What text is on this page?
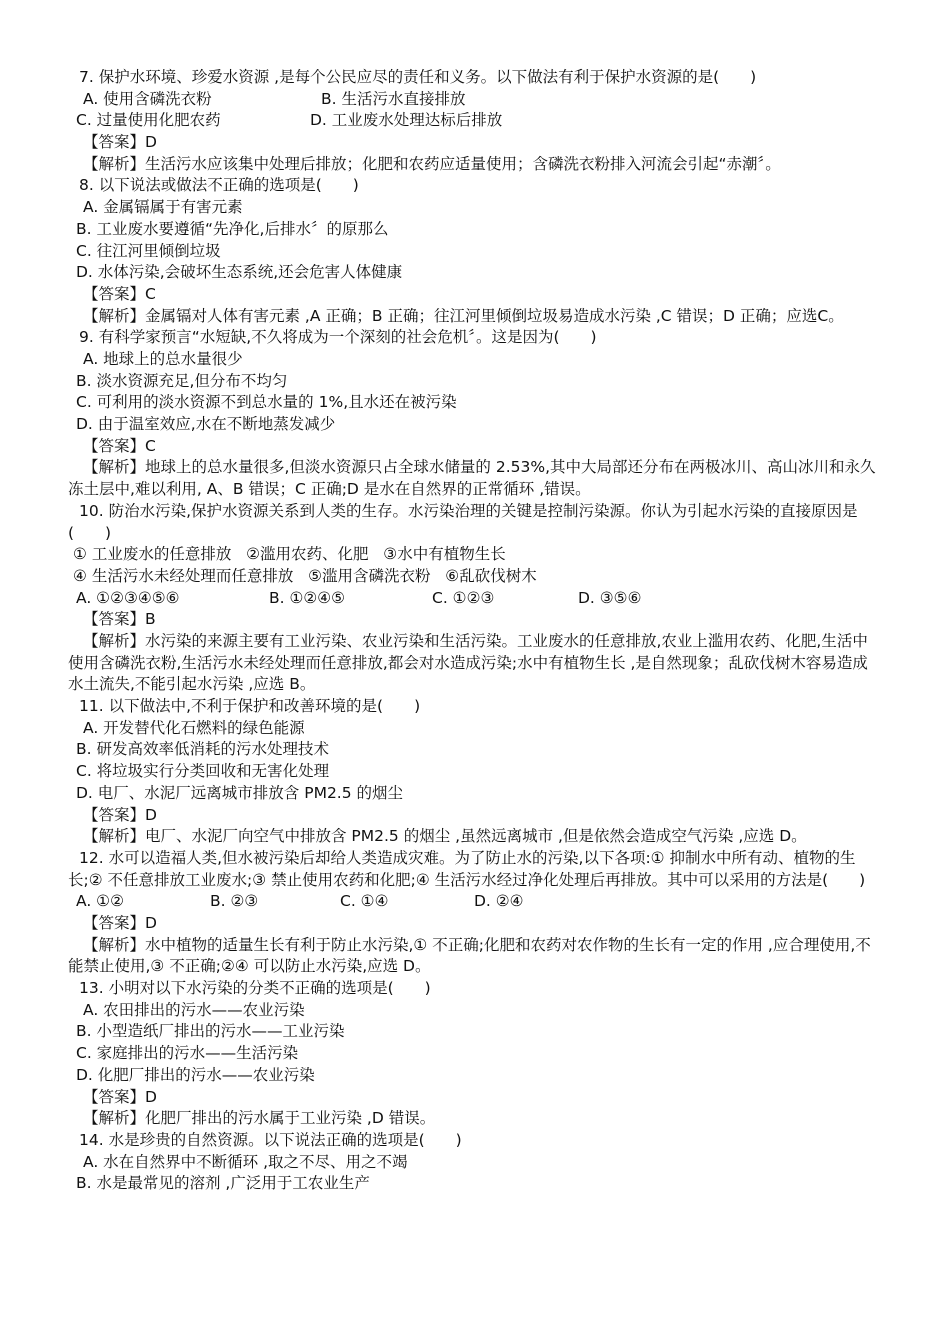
7. 保护水环境、珍爱水资源 ,是每个公民应尽的责任和义务。以下做法有利于保护水资源的是(　　)
A. 使用含磷洗衣粉	B. 生活污水直接排放
C. 过量使用化肥农药	D. 工业废水处理达标后排放
【答案】D
【解析】生活污水应该集中处理后排放；化肥和农药应适量使用；含磷洗衣粉排入河流会引起“赤潮〞。
8. 以下说法或做法不正确的选项是(　　)
A. 金属镉属于有害元素
B. 工业废水要遵循“先净化,后排水〞的原那么
C. 往江河里倾倒垃圾
D. 水体污染,会破坏生态系统,还会危害人体健康
【答案】C
【解析】金属镉对人体有害元素 ,A 正确；B 正确；往江河里倾倒垃圾易造成水污染 ,C 错误；D 正确；应选C。
9. 有科学家预言“水短缺,不久将成为一个深刻的社会危机〞。这是因为(　　)
A. 地球上的总水量很少
B. 淡水资源充足,但分布不均匀
C. 可利用的淡水资源不到总水量的 1%,且水还在被污染
D. 由于温室效应,水在不断地蒸发减少
【答案】C
【解析】地球上的总水量很多,但淡水资源只占全球水储量的 2.53%,其中大局部还分布在两极冰川、高山冰川和永久冻土层中,难以利用, A、B 错误；C 正确;D 是水在自然界的正常循环 ,错误。
10. 防治水污染,保护水资源关系到人类的生存。水污染治理的关键是控制污染源。你认为引起水污染的直接原因是(　　)
① 工业废水的任意排放 ②滥用农药、化肥 ③水中有植物生长
④ 生活污水未经处理而任意排放 ⑤滥用含磷洗衣粉 ⑥乱砍伐树木
A. ①②③④⑤⑥	B. ①②④⑤	C. ①②③	D. ③⑤⑥
【答案】B
【解析】水污染的来源主要有工业污染、农业污染和生活污染。工业废水的任意排放,农业上滥用农药、化肥,生活中使用含磷洗衣粉,生活污水未经处理而任意排放,都会对水造成污染;水中有植物生长 ,是自然现象；乱砍伐树木容易造成水土流失,不能引起水污染 ,应选 B。
11. 以下做法中,不利于保护和改善环境的是(　　)
A. 开发替代化石燃料的绿色能源
B. 研发高效率低消耗的污水处理技术
C. 将垃圾实行分类回收和无害化处理
D. 电厂、水泥厂远离城市排放含 PM2.5 的烟尘
【答案】D
【解析】电厂、水泥厂向空气中排放含 PM2.5 的烟尘 ,虽然远离城市 ,但是依然会造成空气污染 ,应选 D。
12. 水可以造福人类,但水被污染后却给人类造成灾难。为了防止水的污染,以下各项:① 抑制水中所有动、植物的生长;② 不任意排放工业废水;③ 禁止使用农药和化肥;④ 生活污水经过净化处理后再排放。其中可以采用的方法是(　　)
A. ①②	B. ②③	C. ①④	D. ②④
【答案】D
【解析】水中植物的适量生长有利于防止水污染,① 不正确;化肥和农药对农作物的生长有一定的作用 ,应合理使用,不能禁止使用,③ 不正确;②④ 可以防止水污染,应选 D。
13. 小明对以下水污染的分类不正确的选项是(　　)
A. 农田排出的污水——农业污染
B. 小型造纸厂排出的污水——工业污染
C. 家庭排出的污水——生活污染
D. 化肥厂排出的污水——农业污染
【答案】D
【解析】化肥厂排出的污水属于工业污染 ,D 错误。
14. 水是珍贵的自然资源。以下说法正确的选项是(　　)
A. 水在自然界中不断循环 ,取之不尽、用之不竭
B. 水是最常见的溶剂 ,广泛用于工农业生产
